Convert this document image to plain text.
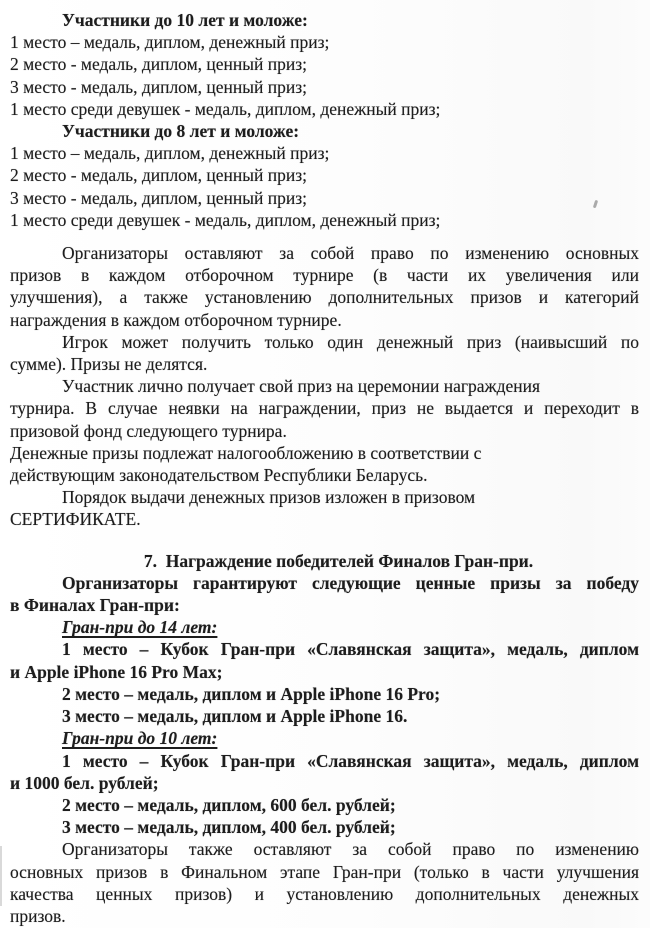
Участники до 10 лет и моложе:
1 место – медаль, диплом, денежный приз;
2 место - медаль, диплом, ценный приз;
3 место - медаль, диплом, ценный приз;
1 место среди девушек - медаль, диплом, денежный приз;
Участники до 8 лет и моложе:
1 место – медаль, диплом, денежный приз;
2 место - медаль, диплом, ценный приз;
3 место - медаль, диплом, ценный приз;
1 место среди девушек - медаль, диплом, денежный приз;

Организаторы оставляют за собой право по изменению основных
призов в каждом отборочном турнире (в части их увеличения или
улучшения), а также установлению дополнительных призов и категорий
награждения в каждом отборочном турнире.

Игрок может получить только один денежный приз (наивысший по
сумме). Призы не делятся.

Участник лично получает свой приз на церемонии награждения
турнира. В случае неявки на награждении, приз не выдается и переходит в
призовой фонд следующего турнира.

Денежные призы подлежат налогообложению в соответствии с
действующим законодательством Республики Беларусь.

Порядок выдачи денежных призов изложен в призовом
СЕРТИФИКАТЕ.

7.  Награждение победителей Финалов Гран-при.

Организаторы гарантируют следующие ценные призы за победу
в Финалах Гран-при:

Гран-при до 14 лет:
1 место – Кубок Гран-при «Славянская защита», медаль, диплом
и Apple iPhone 16 Pro Max;
2 место – медаль, диплом и Apple iPhone 16 Pro;
3 место – медаль, диплом и Apple iPhone 16.
Гран-при до 10 лет:
1 место – Кубок Гран-при «Славянская защита», медаль, диплом
и 1000 бел. рублей;
2 место – медаль, диплом, 600 бел. рублей;
3 место – медаль, диплом, 400 бел. рублей;

Организаторы также оставляют за собой право по изменению
основных призов в Финальном этапе Гран-при (только в части улучшения
качества ценных призов) и установлению дополнительных денежных
призов.
